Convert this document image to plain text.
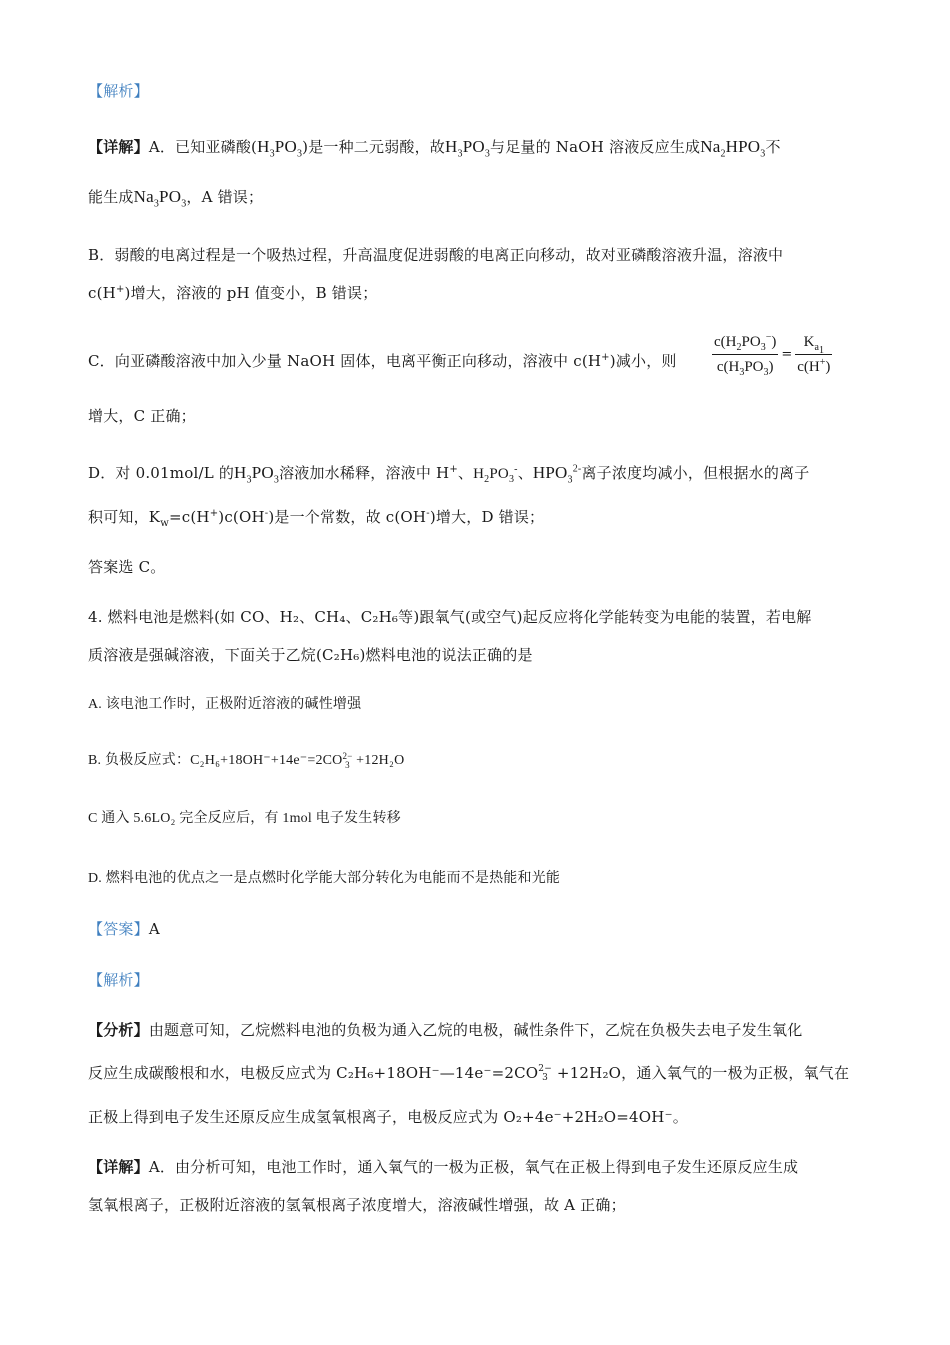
【解析】
【详解】A．已知亚磷酸$(H_3PO_3)$是一种二元弱酸，故$H_3PO_3$与足量的 NaOH 溶液反应生成$Na_2HPO_3$不
能生成$Na_3PO_3$，A 错误；
B．弱酸的电离过程是一个吸热过程，升高温度促进弱酸的电离正向移动，故对亚磷酸溶液升温，溶液中
c(H+)增大，溶液的 pH 值变小，B 错误；
C．向亚磷酸溶液中加入少量 NaOH 固体，电离平衡正向移动，溶液中 c(H+)减小，则	$\frac{c(H_2PO_3^-)}{c(H_3PO_3)} = \frac{K_{a_1}}{c(H^+)}$
增大，C 正确；
D．对 0.01mol/L 的$H_3PO_3$溶液加水稀释，溶液中 H+、$H_2PO_3^-$、$HPO_3^{2-}$离子浓度均减小，但根据水的离子
积可知，$K_w=c(H^+)c(OH^-)$是一个常数，故 c(OH-)增大，D 错误；
答案选 C。
4. 燃料电池是燃料(如 CO、H₂、CH₄、C₂H₆等)跟氧气(或空气)起反应将化学能转变为电能的装置，若电解
质溶液是强碱溶液，下面关于乙烷(C₂H₆)燃料电池的说法正确的是
A. 该电池工作时，正极附近溶液的碱性增强
B. 负极反应式：C₂H₆+18OH⁻+14e⁻=2CO 2−
3 +12H₂O
C 通入 5.6LO₂ 完全反应后，有 1mol 电子发生转移
D. 燃料电池的优点之一是点燃时化学能大部分转化为电能而不是热能和光能
【答案】A
【解析】
【分析】由题意可知，乙烷燃料电池的负极为通入乙烷的电极，碱性条件下，乙烷在负极失去电子发生氧化
反应生成碳酸根和水，电极反应式为 C₂H₆+18OH⁻—14e⁻=2CO 2−
3 +12H₂O，通入氧气的一极为正极，氧气在
正极上得到电子发生还原反应生成氢氧根离子，电极反应式为 O₂+4e⁻+2H₂O=4OH⁻。
【详解】A．由分析可知，电池工作时，通入氧气的一极为正极，氧气在正极上得到电子发生还原反应生成
氢氧根离子，正极附近溶液的氢氧根离子浓度增大，溶液碱性增强，故 A 正确；
